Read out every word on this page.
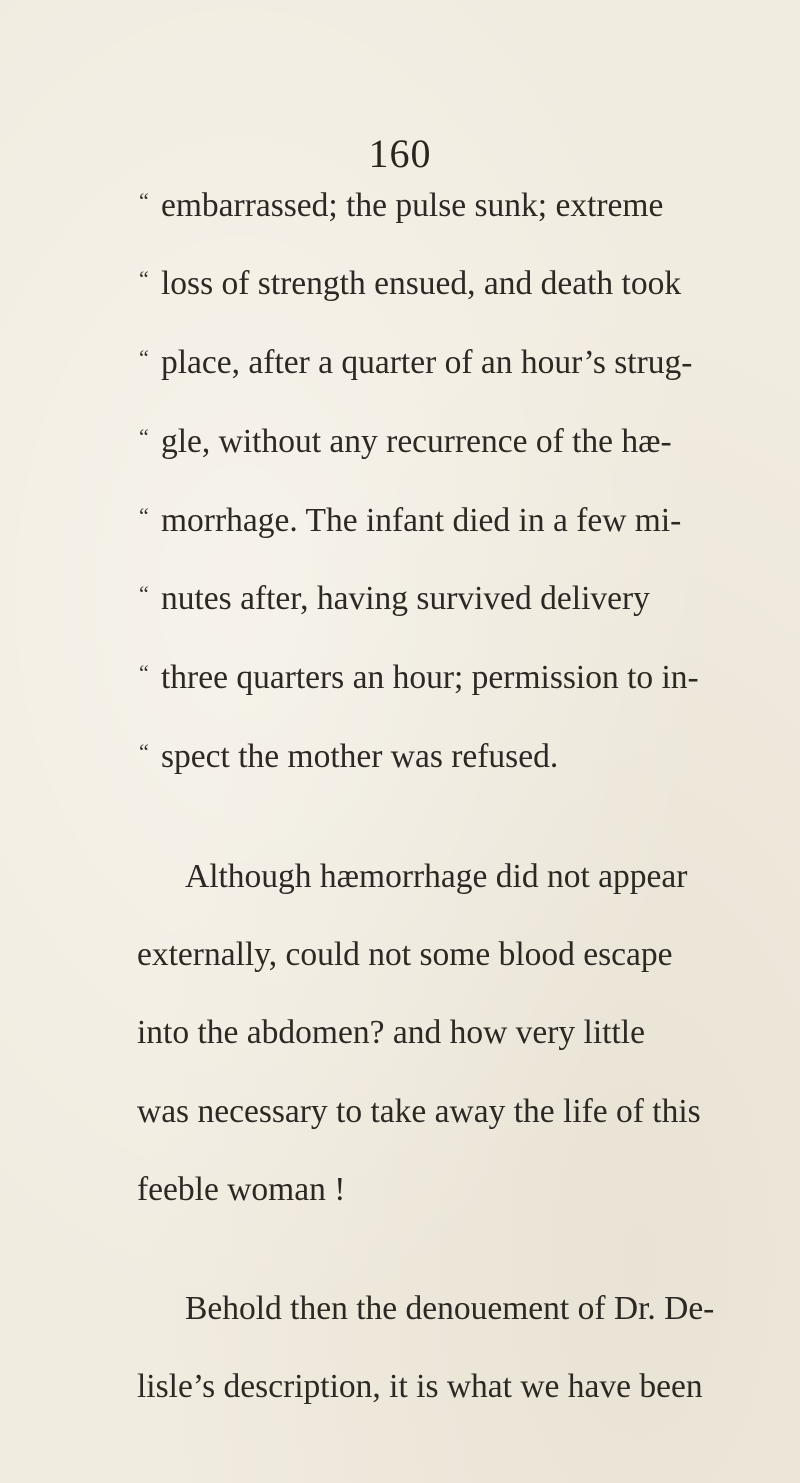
160
“ embarrassed; the pulse sunk; extreme
“ loss of strength ensued, and death took
“ place, after a quarter of an hour’s strug-
“ gle, without any recurrence of the hæ-
“ morrhage. The infant died in a few mi-
“ nutes after, having survived delivery
“ three quarters an hour; permission to in-
“ spect the mother was refused.
Although hæmorrhage did not appear
externally, could not some blood escape
into the abdomen? and how very little
was necessary to take away the life of this
feeble woman !
Behold then the denouement of Dr. De-
lisle’s description, it is what we have been
